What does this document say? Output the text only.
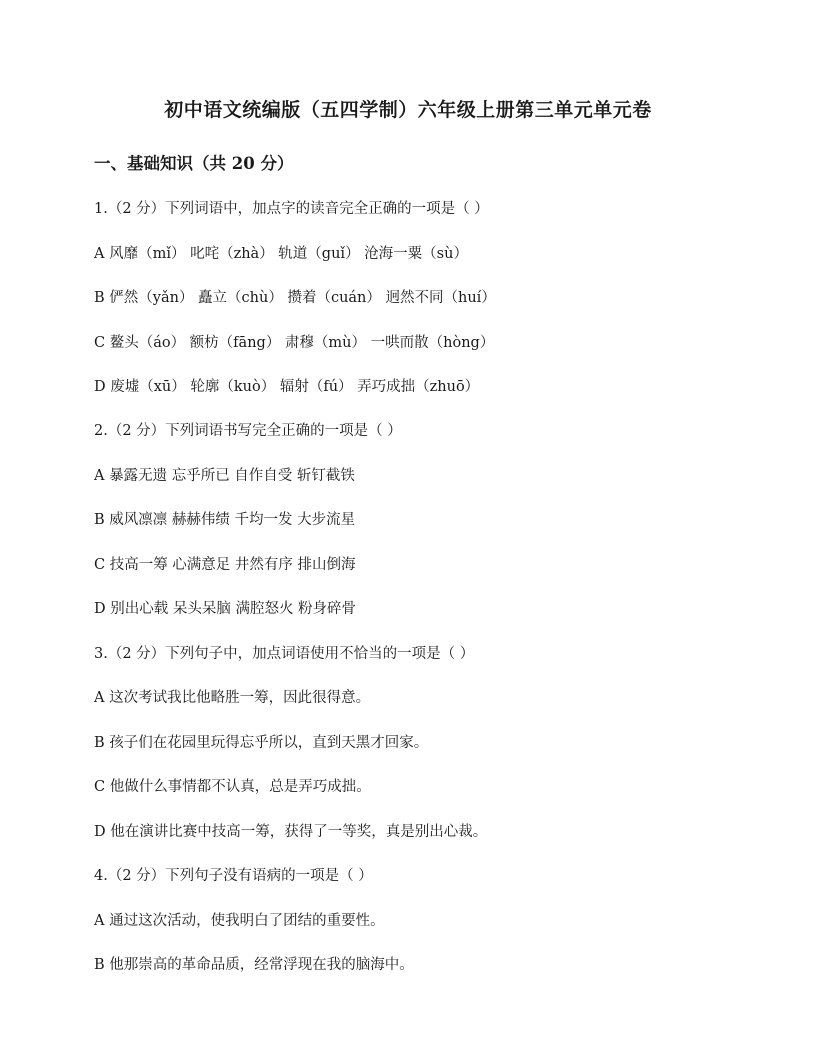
初中语文统编版（五四学制）六年级上册第三单元单元卷
一、基础知识（共 20 分）
1.（2 分）下列词语中，加点字的读音完全正确的一项是（ ）
A 风靡（mǐ） 叱咤（zhà） 轨道（guǐ） 沧海一粟（sù）
B 俨然（yǎn） 矗立（chù） 攒着（cuán） 迥然不同（huí）
C 鳌头（áo） 额枋（fāng） 肃穆（mù） 一哄而散（hòng）
D 废墟（xū） 轮廓（kuò） 辐射（fú） 弄巧成拙（zhuō）
2.（2 分）下列词语书写完全正确的一项是（ ）
A 暴露无遗 忘乎所已 自作自受 斩钉截铁
B 威风凛凛 赫赫伟绩 千均一发 大步流星
C 技高一筹 心满意足 井然有序 排山倒海
D 别出心载 呆头呆脑 满腔怒火 粉身碎骨
3.（2 分）下列句子中，加点词语使用不恰当的一项是（ ）
A 这次考试我比他略胜一筹，因此很得意。
B 孩子们在花园里玩得忘乎所以，直到天黑才回家。
C 他做什么事情都不认真，总是弄巧成拙。
D 他在演讲比赛中技高一筹，获得了一等奖，真是别出心裁。
4.（2 分）下列句子没有语病的一项是（ ）
A 通过这次活动，使我明白了团结的重要性。
B 他那崇高的革命品质，经常浮现在我的脑海中。
